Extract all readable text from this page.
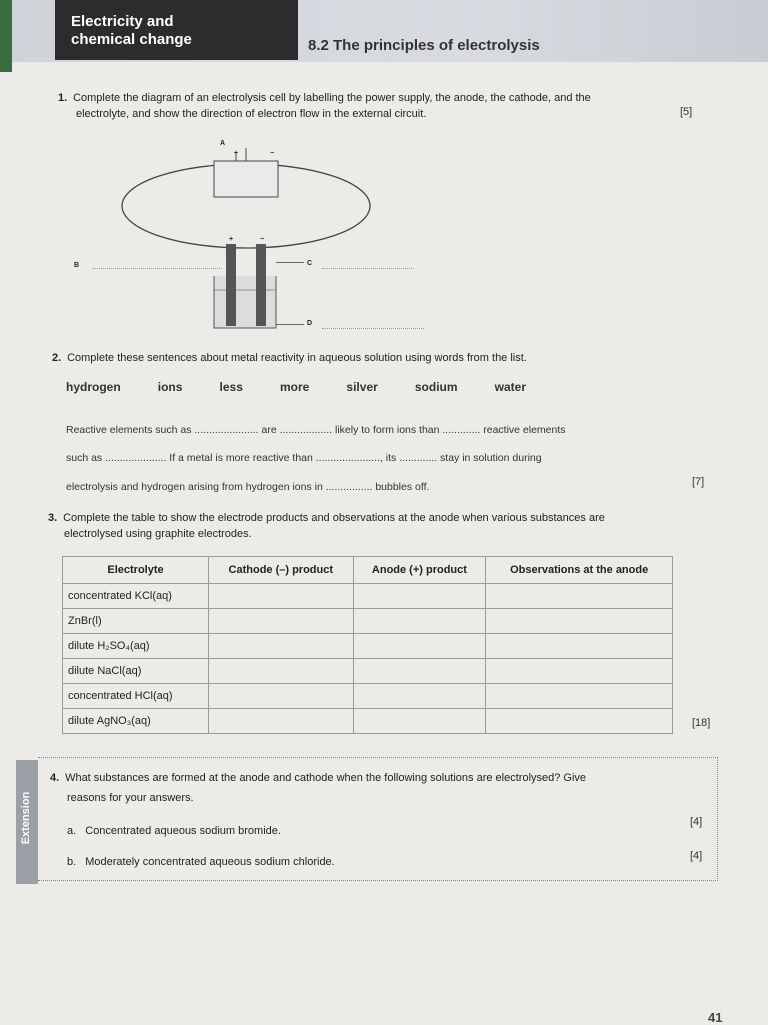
Electricity and
chemical change	8.2 The principles of electrolysis
1. Complete the diagram of an electrolysis cell by labelling the power supply, the anode, the cathode, and the
electrolyte, and show the direction of electron flow in the external circuit.	[5]
A
+	−
+	−
B	C
D
2. Complete these sentences about metal reactivity in aqueous solution using words from the list.
hydrogen	ions	less	more	silver	sodium	water
Reactive elements such as ...................... are .................. likely to form ions than ............. reactive elements
such as ..................... If a metal is more reactive than ......................, its ............. stay in solution during
electrolysis and hydrogen arising from hydrogen ions in ................ bubbles off.	[7]
3. Complete the table to show the electrode products and observations at the anode when various substances are
electrolysed using graphite electrodes.
Electrolyte	Cathode (–) product	Anode (+) product	Observations at the anode
concentrated KCl(aq)			
ZnBr(l)			
dilute H₂SO₄(aq)			
dilute NaCl(aq)			
concentrated HCl(aq)			
dilute AgNO₃(aq)				[18]
Extension
4. What substances are formed at the anode and cathode when the following solutions are electrolysed? Give
reasons for your answers.
a. Concentrated aqueous sodium bromide.
[4]
b. Moderately concentrated aqueous sodium chloride.	[4]
41
